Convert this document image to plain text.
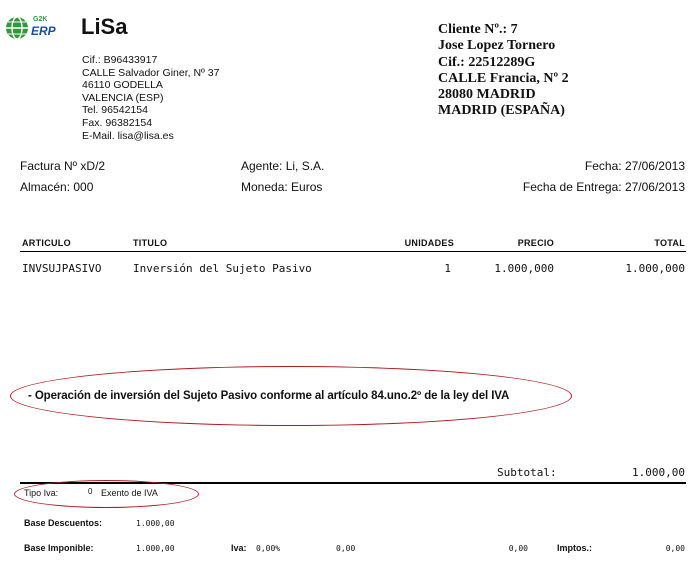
G2K
ERP LiSa
Cif.: B96433917
CALLE Salvador Giner, Nº 37
46110 GODELLA
VALENCIA (ESP)
Tel. 96542154
Fax. 96382154
E-Mail. lisa@lisa.es
Cliente Nº.: 7
Jose Lopez Tornero
Cif.: 22512289G
CALLE Francia, Nº 2
28080 MADRID
MADRID (ESPAÑA)
Factura Nº xD/2
Almacén: 000
Agente: Li, S.A.
Moneda: Euros
Fecha: 27/06/2013
Fecha de Entrega: 27/06/2013
ARTICULO	TITULO	UNIDADES	PRECIO	TOTAL
INVSUJPASIVO	Inversión del Sujeto Pasivo	1	1.000,000	1.000,000
- Operación de inversión del Sujeto Pasivo conforme al artículo 84.uno.2º de la ley del IVA
Subtotal:	1.000,00
Tipo Iva:	0 Exento de IVA
Base Descuentos:	1.000,00
Base Imponible:	1.000,00	Iva: 0,00%	0,00	0,00	Imptos.:	0,00
